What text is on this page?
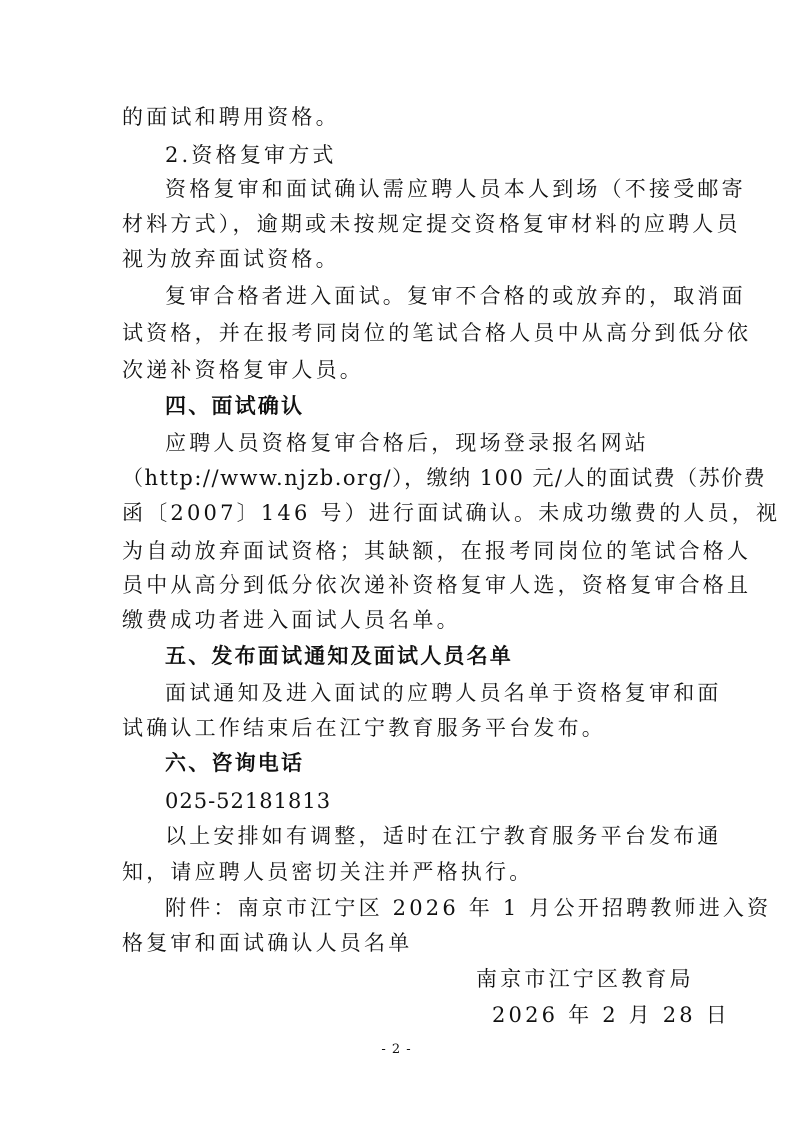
的面试和聘用资格。
2.资格复审方式
资格复审和面试确认需应聘人员本人到场（不接受邮寄
材料方式），逾期或未按规定提交资格复审材料的应聘人员
视为放弃面试资格。
复审合格者进入面试。复审不合格的或放弃的，取消面
试资格，并在报考同岗位的笔试合格人员中从高分到低分依
次递补资格复审人员。
四、面试确认
应聘人员资格复审合格后，现场登录报名网站
（http://www.njzb.org/），缴纳 100 元/人的面试费（苏价费
函〔2007〕146 号）进行面试确认。未成功缴费的人员，视
为自动放弃面试资格；其缺额，在报考同岗位的笔试合格人
员中从高分到低分依次递补资格复审人选，资格复审合格且
缴费成功者进入面试人员名单。
五、发布面试通知及面试人员名单
面试通知及进入面试的应聘人员名单于资格复审和面
试确认工作结束后在江宁教育服务平台发布。
六、咨询电话
025-52181813
以上安排如有调整，适时在江宁教育服务平台发布通
知，请应聘人员密切关注并严格执行。
附件：南京市江宁区 2026 年 1 月公开招聘教师进入资
格复审和面试确认人员名单
南京市江宁区教育局
2026 年 2 月 28 日
- 2 -
